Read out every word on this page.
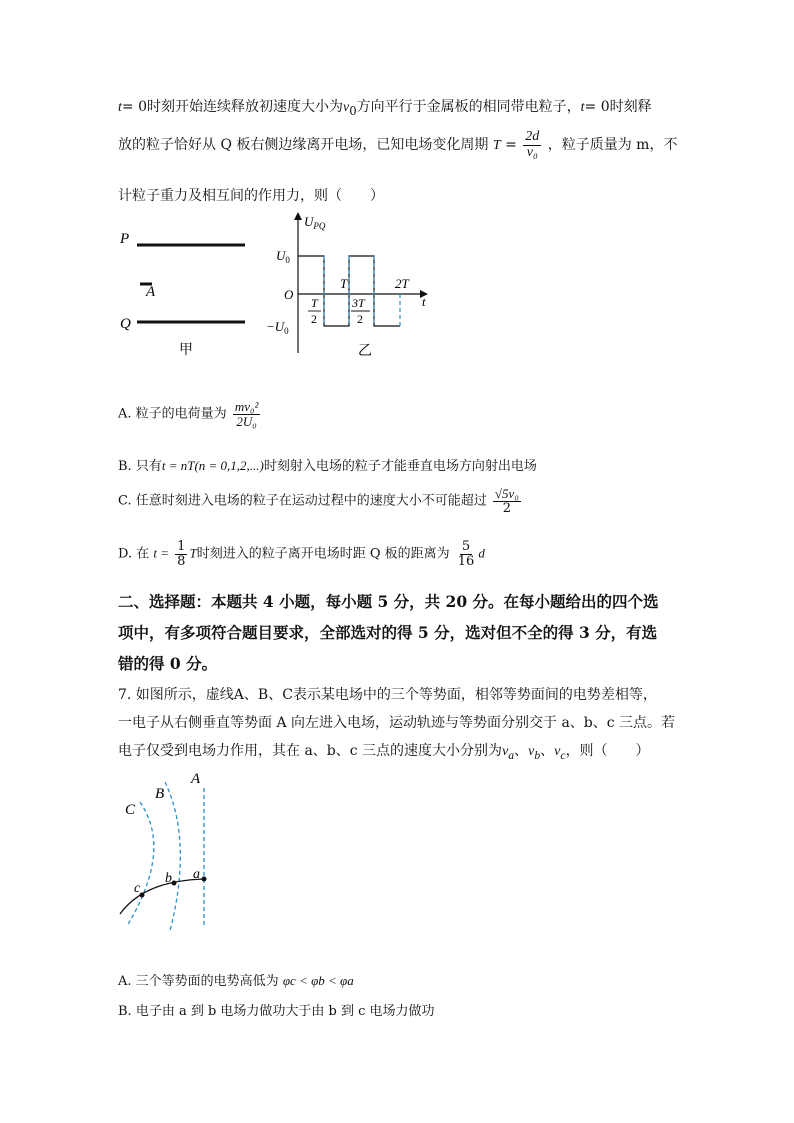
t= 0时刻开始连续释放初速度大小为$v_0$方向平行于金属板的相同带电粒子，t= 0时刻释
放的粒子恰好从 Q 板右侧边缘离开电场，已知电场变化周期 $T = \frac{2d}{\text{v₀}}$ ，粒子质量为 m，不
计粒子重力及相互间的作用力，则（　　）
P
A
Q
甲
$U_{PQ}$
$U_0$
$-U_0$
O
T	2T
t
T
2
3T
2
乙
A. 粒子的电荷量为 $\frac{\text{mv₀²}}{\text{2U₀}}$
B. 只有t = nT(n = 0,1,2,...)时刻射入电场的粒子才能垂直电场方向射出电场
C. 任意时刻进入电场的粒子在运动过程中的速度大小不可能超过 $\frac{\text{√5v₀}}{2}$
D. 在 $t = \frac{1}{8}$ T时刻进入的粒子离开电场时距 Q 板的距离为 $\frac{5}{16}$ d
二、选择题：本题共 4 小题，每小题 5 分，共 20 分。在每小题给出的四个选
项中，有多项符合题目要求，全部选对的得 5 分，选对但不全的得 3 分，有选
错的得 0 分。
7. 如图所示，虚线A、B、C表示某电场中的三个等势面，相邻等势面间的电势差相等，
一电子从右侧垂直等势面 A 向左进入电场，运动轨迹与等势面分别交于 a、b、c 三点。若
电子仅受到电场力作用，其在 a、b、c 三点的速度大小分别为$v_a$、$v_b$、$v_c$，则（　　）
A
B
C
a
b
c
A. 三个等势面的电势高低为 φc < φb < φa
B. 电子由 a 到 b 电场力做功大于由 b 到 c 电场力做功
